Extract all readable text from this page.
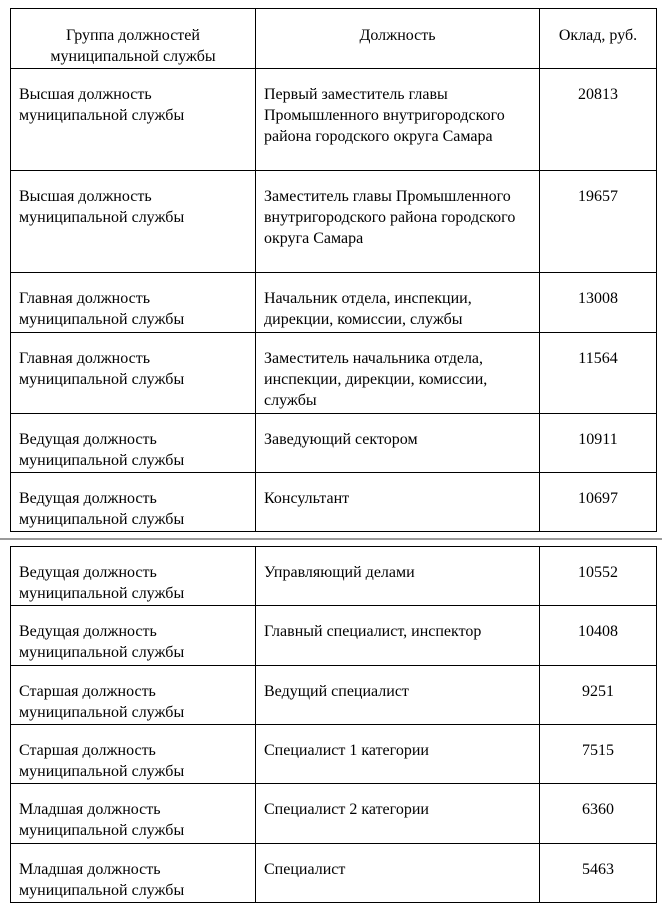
Группа должностей муниципальной службы	Должность	Оклад, руб.
Высшая должность муниципальной службы	Первый заместитель главы Промышленного внутригородского района городского округа Самара	20813
Высшая должность муниципальной службы	Заместитель главы Промышленного внутригородского района городского округа Самара	19657
Главная должность муниципальной службы	Начальник отдела, инспекции, дирекции, комиссии, службы	13008
Главная должность муниципальной службы	Заместитель начальника отдела, инспекции, дирекции, комиссии, службы	11564
Ведущая должность муниципальной службы	Заведующий сектором	10911
Ведущая должность муниципальной службы	Консультант	10697
Ведущая должность муниципальной службы	Управляющий делами	10552
Ведущая должность муниципальной службы	Главный специалист, инспектор	10408
Старшая должность муниципальной службы	Ведущий специалист	9251
Старшая должность муниципальной службы	Специалист 1 категории	7515
Младшая должность муниципальной службы	Специалист 2 категории	6360
Младшая должность муниципальной службы	Специалист	5463
